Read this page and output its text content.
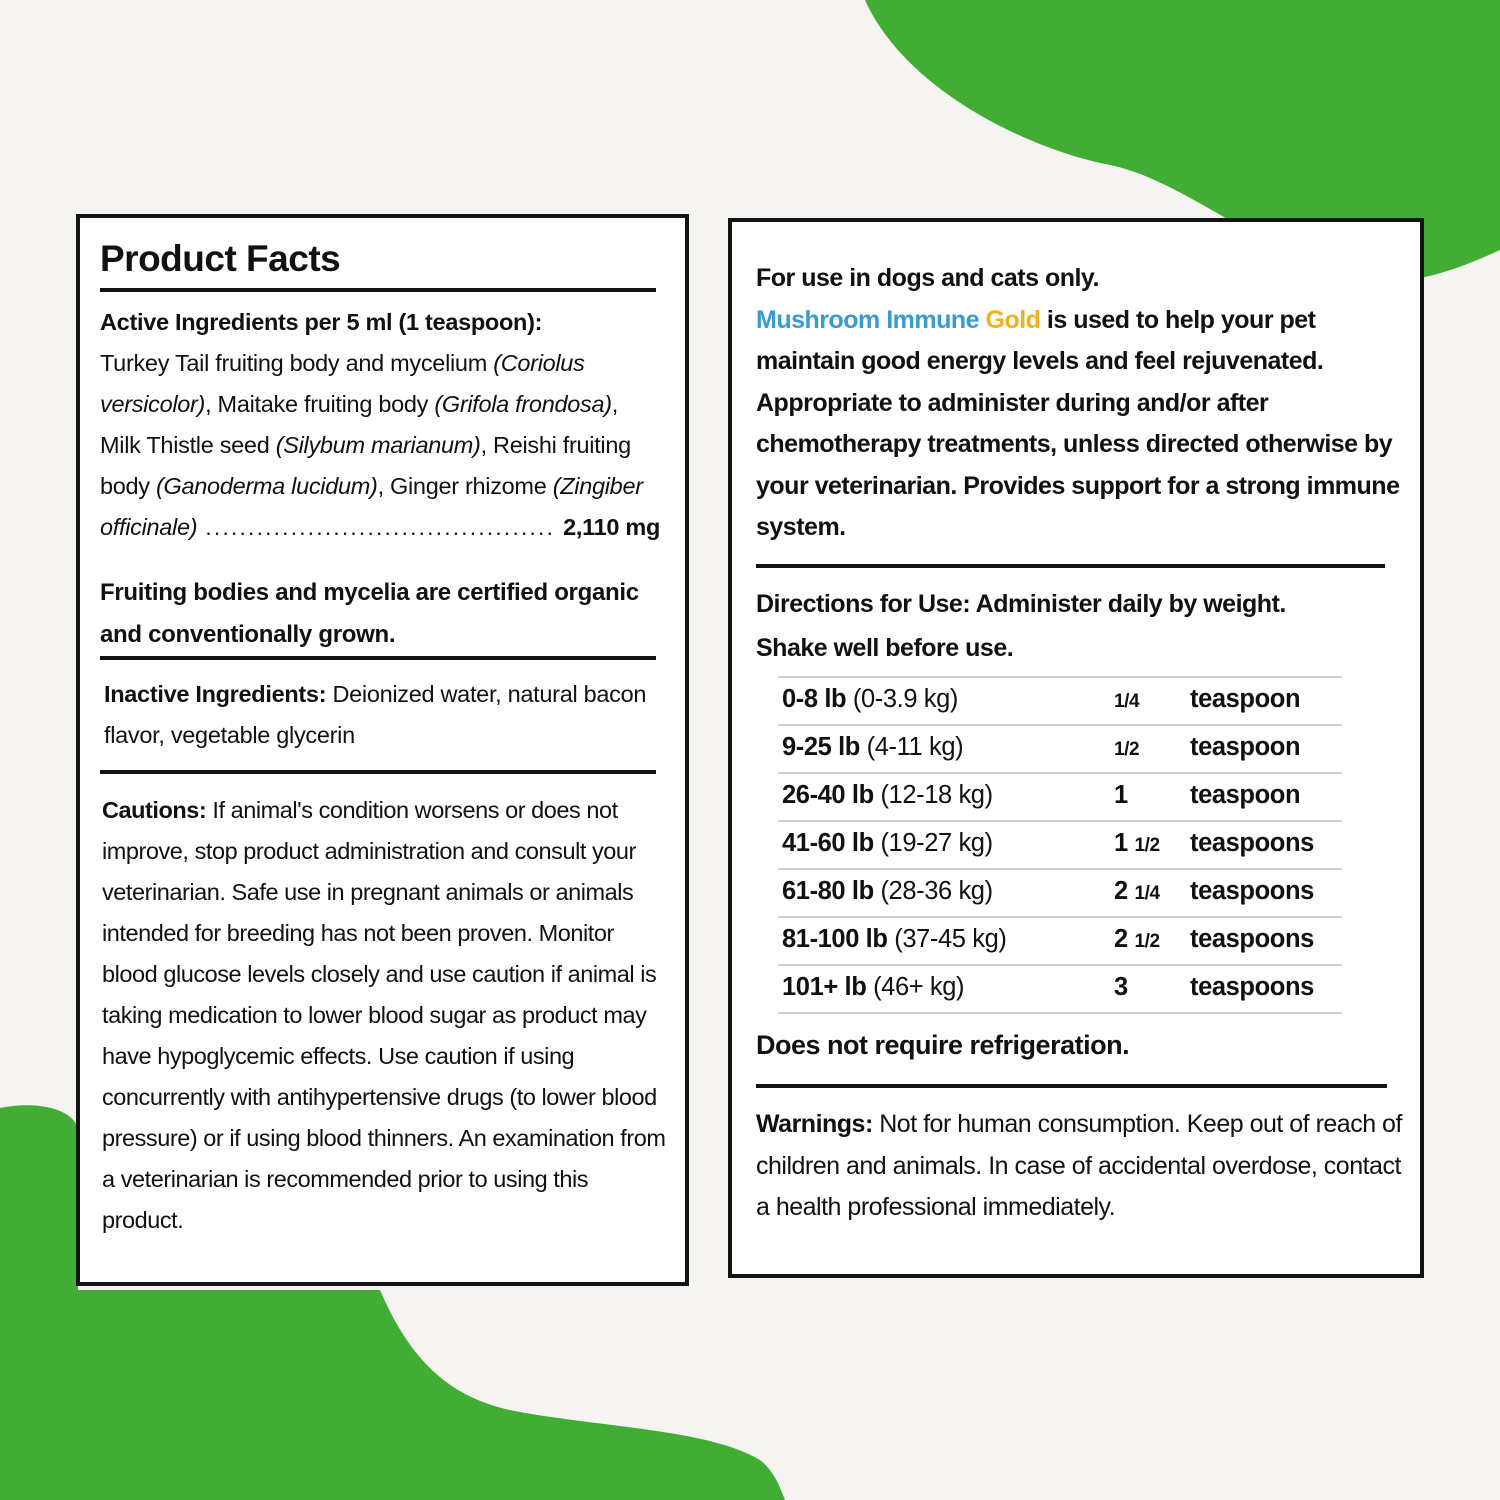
Product Facts
Active Ingredients per 5 ml (1 teaspoon):
Turkey Tail fruiting body and mycelium (Coriolus versicolor), Maitake fruiting body (Grifola frondosa), Milk Thistle seed (Silybum marianum), Reishi fruiting body (Ganoderma lucidum), Ginger rhizome (Zingiber
officinale)
.....	2,110 mg
Fruiting bodies and mycelia are certified organic and conventionally grown.
Inactive Ingredients: Deionized water, natural bacon flavor, vegetable glycerin
Cautions: If animal's condition worsens or does not improve, stop product administration and consult your veterinarian. Safe use in pregnant animals or animals intended for breeding has not been proven. Monitor blood glucose levels closely and use caution if animal is taking medication to lower blood sugar as product may have hypoglycemic effects. Use caution if using concurrently with antihypertensive drugs (to lower blood pressure) or if using blood thinners. An examination from a veterinarian is recommended prior to using this product.
For use in dogs and cats only.
Mushroom Immune Gold is used to help your pet maintain good energy levels and feel rejuvenated. Appropriate to administer during and/or after chemotherapy treatments, unless directed otherwise by your veterinarian. Provides support for a strong immune system.
Directions for Use: Administer daily by weight.
Shake well before use.
0-8 lb (0-3.9 kg)	1/4 teaspoon
9-25 lb (4-11 kg)	1/2 teaspoon
26-40 lb (12-18 kg)	1 teaspoon
41-60 lb (19-27 kg)	1 1/2 teaspoons
61-80 lb (28-36 kg)	2 1/4 teaspoons
81-100 lb (37-45 kg)	2 1/2 teaspoons
101+ lb (46+ kg)	3 teaspoons
Does not require refrigeration.
Warnings: Not for human consumption. Keep out of reach of children and animals. In case of accidental overdose, contact a health professional immediately.
